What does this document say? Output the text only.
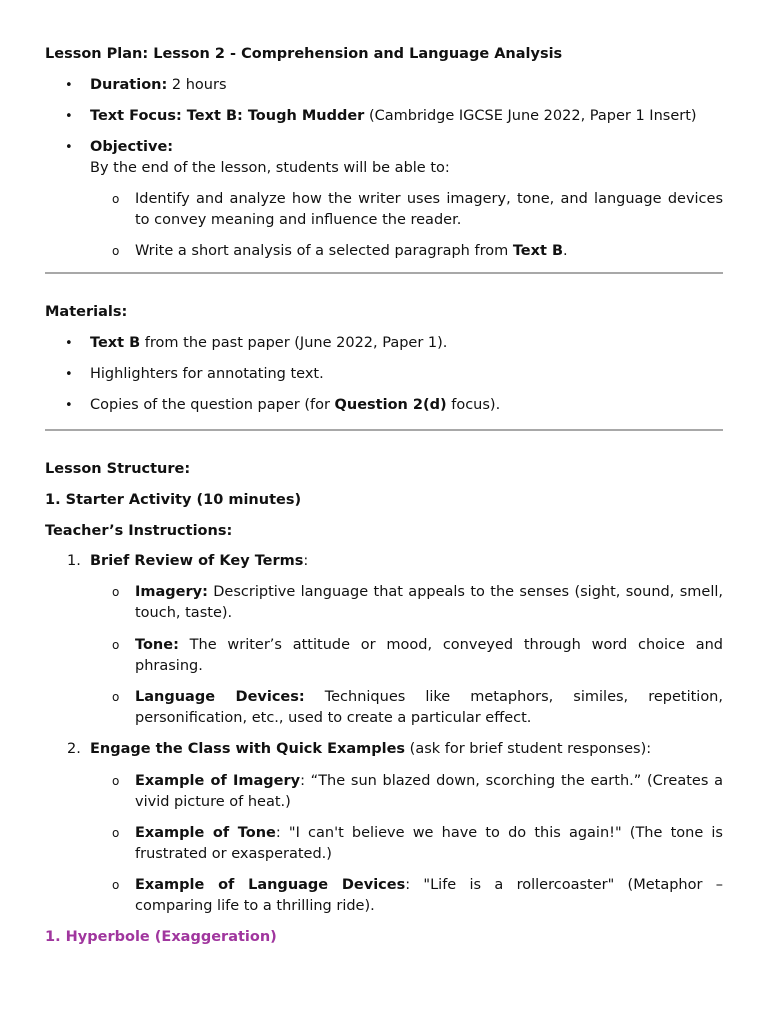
Lesson Plan: Lesson 2 - Comprehension and Language Analysis
• Duration: 2 hours
• Text Focus: Text B: Tough Mudder (Cambridge IGCSE June 2022, Paper 1 Insert)
• Objective:
By the end of the lesson, students will be able to:
o Identify and analyze how the writer uses imagery, tone, and language devices to convey meaning and influence the reader.
o Write a short analysis of a selected paragraph from Text B.
Materials:
• Text B from the past paper (June 2022, Paper 1).
• Highlighters for annotating text.
• Copies of the question paper (for Question 2(d) focus).
Lesson Structure:
1. Starter Activity (10 minutes)
Teacher’s Instructions:
1. Brief Review of Key Terms:
o Imagery: Descriptive language that appeals to the senses (sight, sound, smell, touch, taste).
o Tone: The writer’s attitude or mood, conveyed through word choice and phrasing.
o Language Devices: Techniques like metaphors, similes, repetition, personification, etc., used to create a particular effect.
2. Engage the Class with Quick Examples (ask for brief student responses):
o Example of Imagery: “The sun blazed down, scorching the earth.” (Creates a vivid picture of heat.)
o Example of Tone: "I can't believe we have to do this again!" (The tone is frustrated or exasperated.)
o Example of Language Devices: "Life is a rollercoaster" (Metaphor – comparing life to a thrilling ride).
1. Hyperbole (Exaggeration)
